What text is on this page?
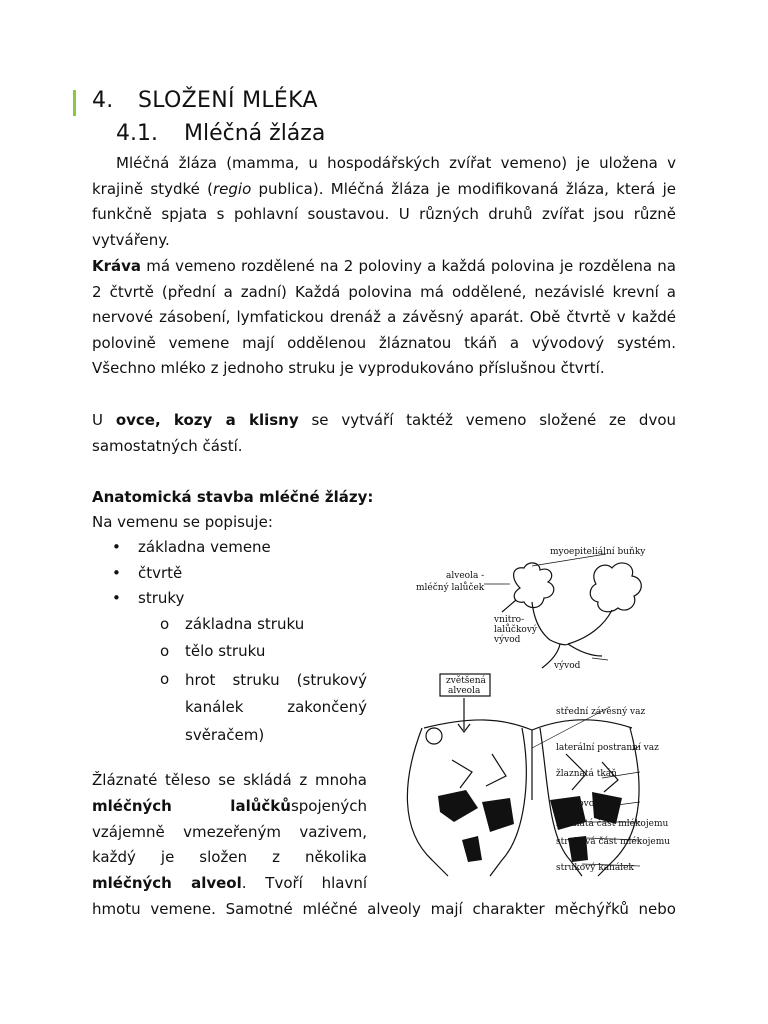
4. SLOŽENÍ MLÉKA
4.1. Mléčná žláza

Mléčná žláza (mamma, u hospodářských zvířat vemeno) je uložena v krajině stydké (regio publica). Mléčná žláza je modifikovaná žláza, která je funkčně spjata s pohlavní soustavou. U různých druhů zvířat jsou různě vytvářeny.

Kráva má vemeno rozdělené na 2 poloviny a každá polovina je rozdělena na 2 čtvrtě (přední a zadní) Každá polovina má oddělené, nezávislé krevní a nervové zásobení, lymfatickou drenáž a závěsný aparát. Obě čtvrtě v každé polovině vemene mají oddělenou žláznatou tkáň a vývodový systém. Všechno mléko z jednoho struku je vyprodukováno příslušnou čtvrtí.

U ovce, kozy a klisny se vytváří taktéž vemeno složené ze dvou samostatných částí.

Anatomická stavba mléčné žlázy:

Na vemenu se popisuje:

• základna vemene
• čtvrtě
• struky
o základna struku
o tělo struku
o hrot struku (strukový kanálek zakončený svěračem)
Žláznaté těleso se skládá z mnoha
mléčných lalůčků spojených
vzájemně vmezeřeným vazivem,
každý je složen z několika
mléčných alveol. Tvoří hlavní
hmotu vemene. Samotné mléčné alveoly mají charakter měchýřků nebo
myoepiteliální buňky
alveola -
mléčný lalůček
vnitro-
lalůčkový
vývod
vývod
zvětšená
alveola
střední závěsný vaz
laterální postranní vaz
žlaznatá tkáň
mlékovody
žlaznatá část mlékojemu
struková část mlékojemu
strukový kanálek
